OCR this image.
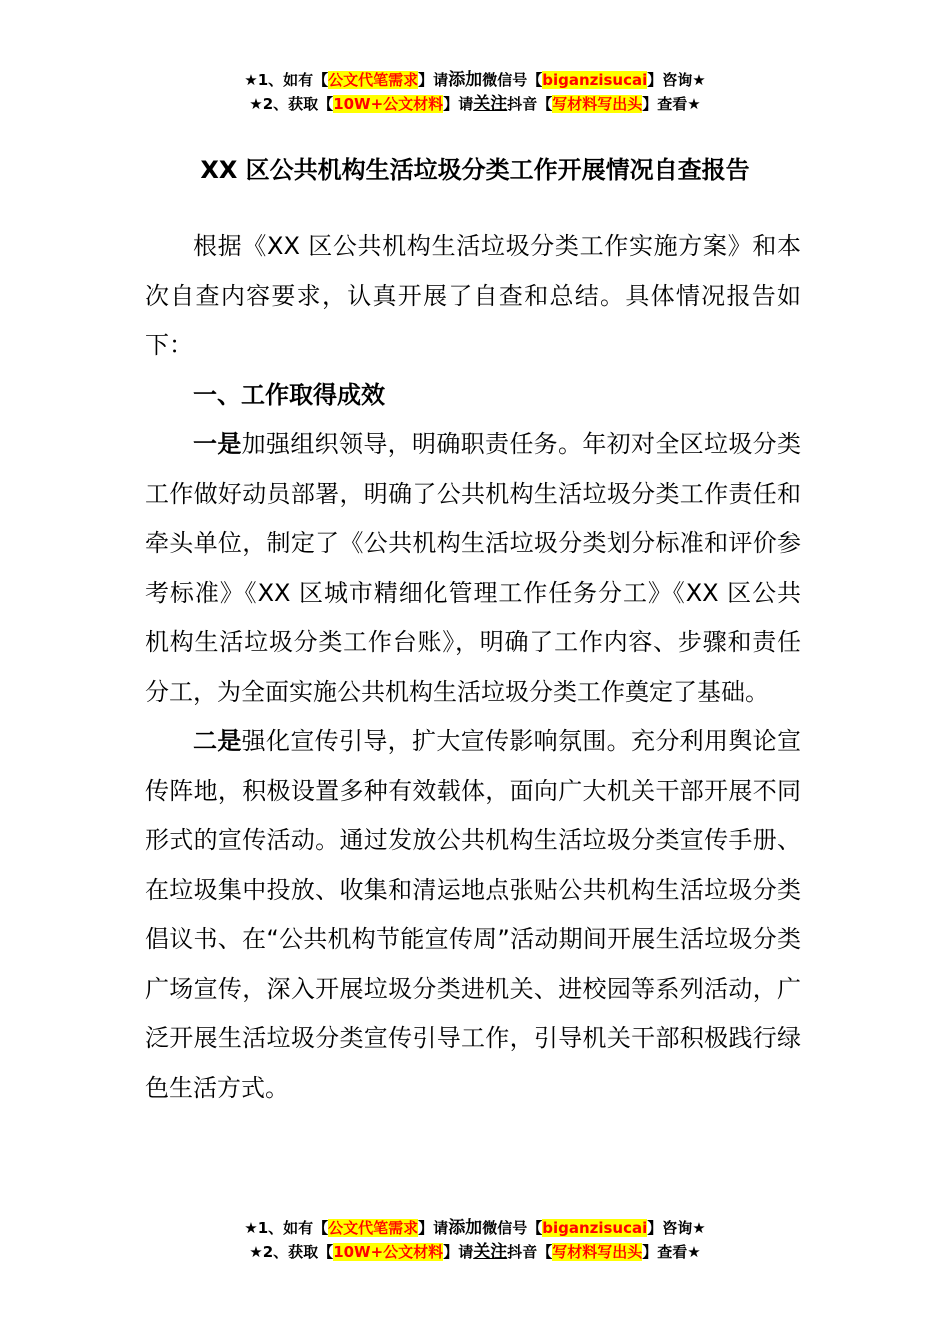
★1、如有【公文代笔需求】请添加微信号【biganzisucai】咨询★
★2、获取【10W+公文材料】请关注抖音【写材料写出头】查看★
XX 区公共机构生活垃圾分类工作开展情况自查报告

根据《XX 区公共机构生活垃圾分类工作实施方案》和本次自查内容要求，认真开展了自查和总结。具体情况报告如下：

一、工作取得成效

一是加强组织领导，明确职责任务。年初对全区垃圾分类工作做好动员部署，明确了公共机构生活垃圾分类工作责任和牵头单位，制定了《公共机构生活垃圾分类划分标准和评价参考标准》《XX 区城市精细化管理工作任务分工》《XX 区公共机构生活垃圾分类工作台账》，明确了工作内容、步骤和责任分工，为全面实施公共机构生活垃圾分类工作奠定了基础。

二是强化宣传引导，扩大宣传影响氛围。充分利用舆论宣传阵地，积极设置多种有效载体，面向广大机关干部开展不同形式的宣传活动。通过发放公共机构生活垃圾分类宣传手册、在垃圾集中投放、收集和清运地点张贴公共机构生活垃圾分类倡议书、在“公共机构节能宣传周”活动期间开展生活垃圾分类广场宣传，深入开展垃圾分类进机关、进校园等系列活动，广泛开展生活垃圾分类宣传引导工作，引导机关干部积极践行绿色生活方式。

★1、如有【公文代笔需求】请添加微信号【biganzisucai】咨询★
★2、获取【10W+公文材料】请关注抖音【写材料写出头】查看★
